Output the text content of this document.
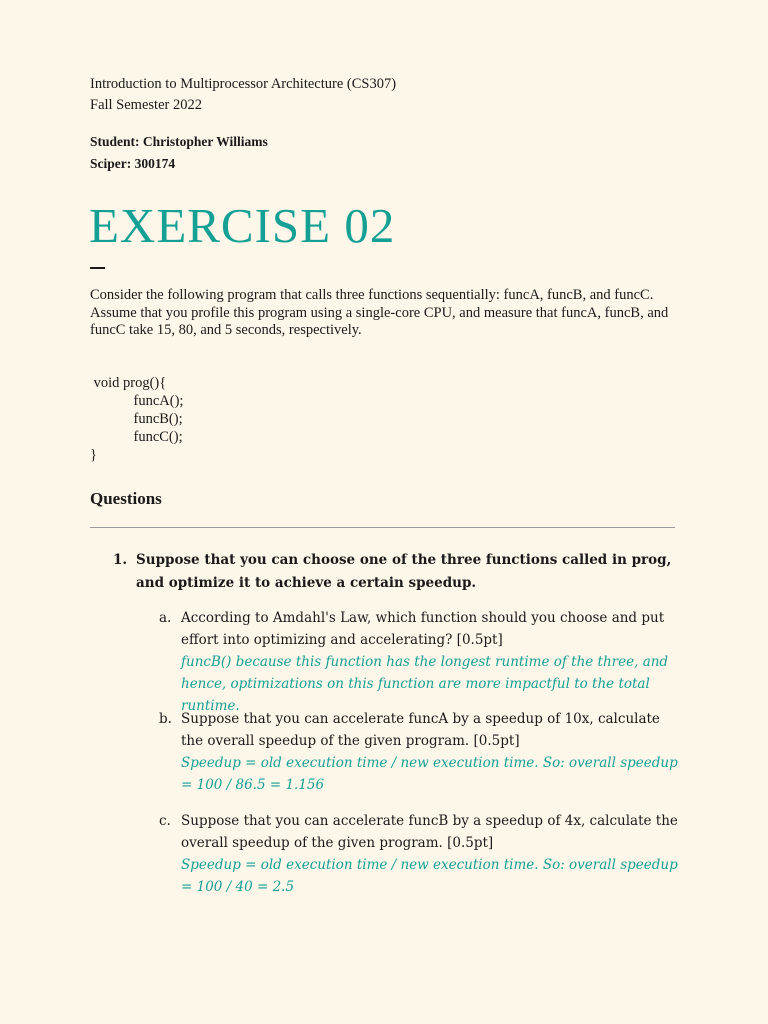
Introduction to Multiprocessor Architecture (CS307)
Fall Semester 2022
Student: Christopher Williams
Sciper: 300174
EXERCISE 02
Consider the following program that calls three functions sequentially: funcA, funcB, and funcC. Assume that you profile this program using a single-core CPU, and measure that funcA, funcB, and funcC take 15, 80, and 5 seconds, respectively.
void prog(){
funcA();
funcB();
funcC();
}
Questions
1. Suppose that you can choose one of the three functions called in prog, and optimize it to achieve a certain speedup.
a. According to Amdahl's Law, which function should you choose and put effort into optimizing and accelerating? [0.5pt]
funcB() because this function has the longest runtime of the three, and hence, optimizations on this function are more impactful to the total runtime.
b. Suppose that you can accelerate funcA by a speedup of 10x, calculate the overall speedup of the given program. [0.5pt]
Speedup = old execution time / new execution time. So: overall speedup = 100 / 86.5 = 1.156
c. Suppose that you can accelerate funcB by a speedup of 4x, calculate the overall speedup of the given program. [0.5pt]
Speedup = old execution time / new execution time. So: overall speedup = 100 / 40 = 2.5
